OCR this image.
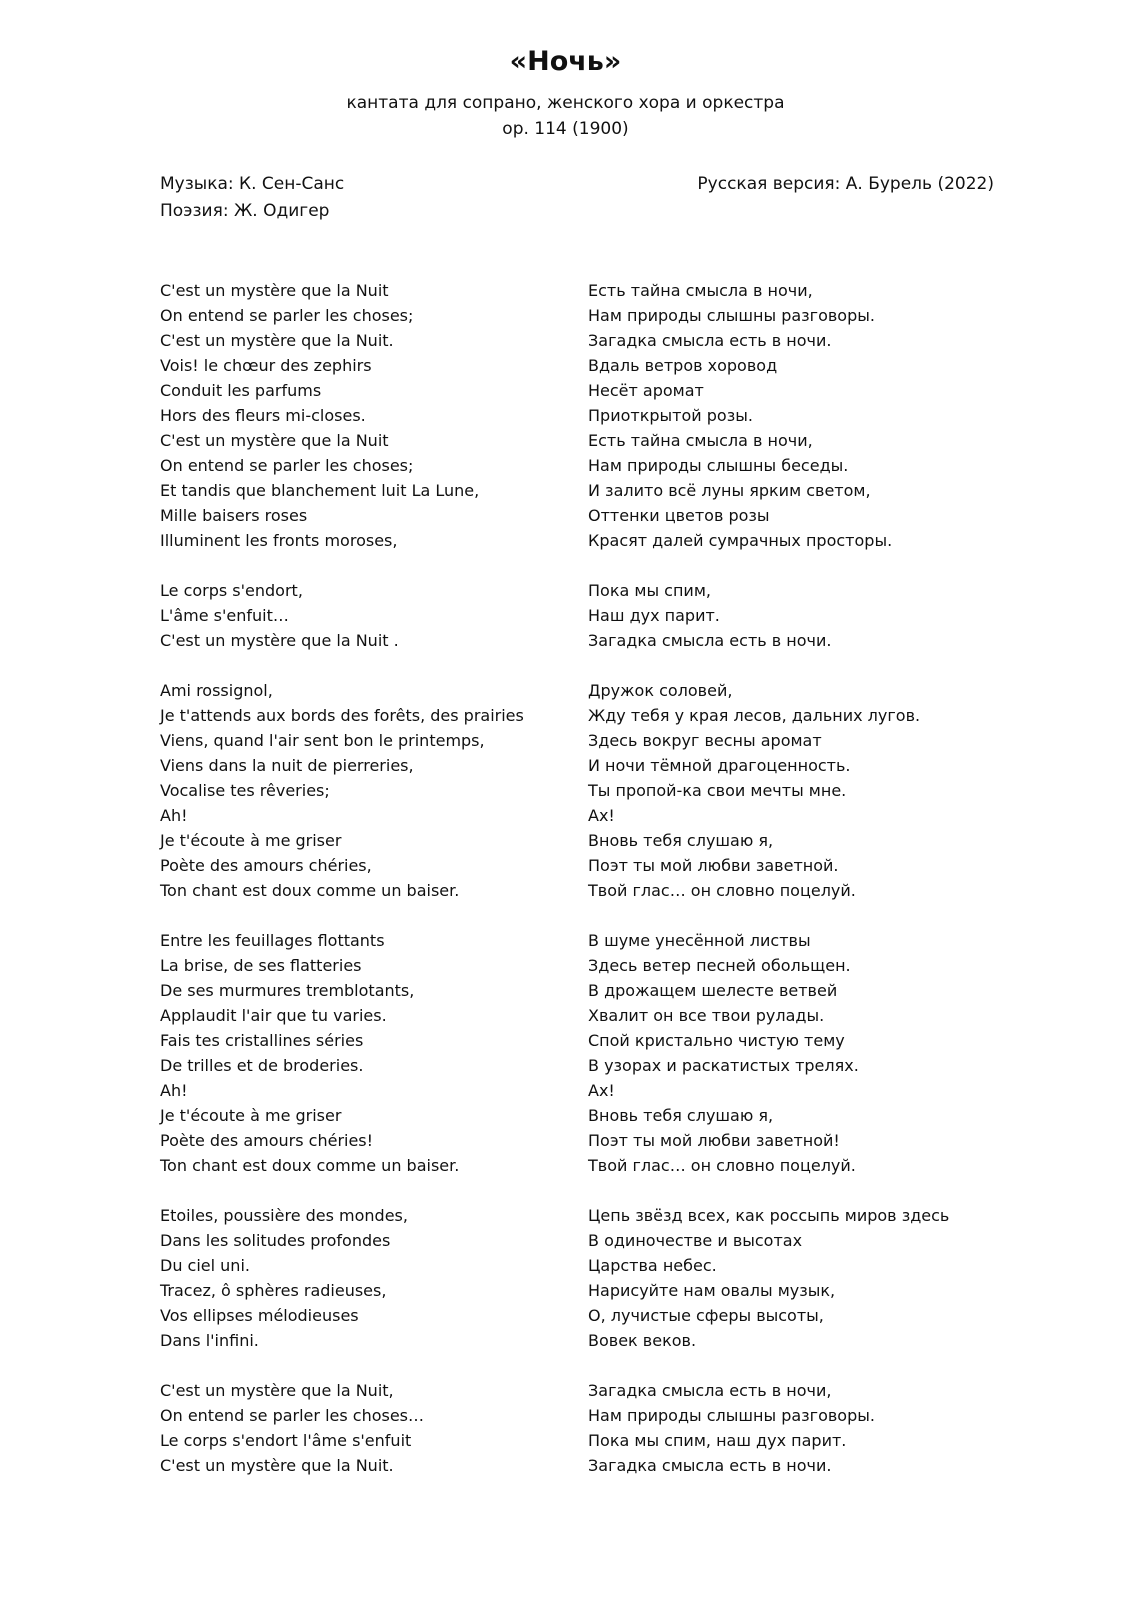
«Ночь»

кантата для сопрано, женского хора и оркестра

op. 114 (1900)

Музыка: К. Сен-Санс

Поэзия: Ж. Одигер

Русская версия: А. Бурель (2022)

C'est un mystère que la Nuit
On entend se parler les choses;
C'est un mystère que la Nuit.
Vois! le chœur des zephirs
Conduit les parfums
Hors des fleurs mi-closes.
C'est un mystère que la Nuit
On entend se parler les choses;
Et tandis que blanchement luit La Lune,
Mille baisers roses
Illuminent les fronts moroses,
Le corps s'endort,
L'âme s'enfuit…
C'est un mystère que la Nuit .
Ami rossignol,
Je t'attends aux bords des forêts, des prairies
Viens, quand l'air sent bon le printemps,
Viens dans la nuit de pierreries,
Vocalise tes rêveries;
Ah!
Je t'écoute à me griser
Poète des amours chéries,
Ton chant est doux comme un baiser.
Entre les feuillages flottants
La brise, de ses flatteries
De ses murmures tremblotants,
Applaudit l'air que tu varies.
Fais tes cristallines séries
De trilles et de broderies.
Ah!
Je t'écoute à me griser
Poète des amours chéries!
Ton chant est doux comme un baiser.
Etoiles, poussière des mondes,
Dans les solitudes profondes
Du ciel uni.
Tracez, ô sphères radieuses,
Vos ellipses mélodieuses
Dans l'infini.
C'est un mystère que la Nuit,
On entend se parler les choses…
Le corps s'endort l'âme s'enfuit
C'est un mystère que la Nuit.
Есть тайна смысла в ночи,
Нам природы слышны разговоры.
Загадка смысла есть в ночи.
Вдаль ветров хоровод
Несёт аромат
Приоткрытой розы.
Есть тайна смысла в ночи,
Нам природы слышны беседы.
И залито всё луны ярким светом,
Оттенки цветов розы
Красят далей сумрачных просторы.
Пока мы спим,
Наш дух парит.
Загадка смысла есть в ночи.
Дружок соловей,
Жду тебя у края лесов, дальних лугов.
Здесь вокруг весны аромат
И ночи тёмной драгоценность.
Ты пропой-ка свои мечты мне.
Ах!
Вновь тебя слушаю я,
Поэт ты мой любви заветной.
Твой глас… он словно поцелуй.
В шуме унесённой листвы
Здесь ветер песней обольщен.
В дрожащем шелесте ветвей
Хвалит он все твои рулады.
Спой кристально чистую тему
В узорах и раскатистых трелях.
Ах!
Вновь тебя слушаю я,
Поэт ты мой любви заветной!
Твой глас… он словно поцелуй.
Цепь звёзд всех, как россыпь миров здесь
В одиночестве и высотах
Царства небес.
Нарисуйте нам овалы музык,
О, лучистые сферы высоты,
Вовек веков.
Загадка смысла есть в ночи,
Нам природы слышны разговоры.
Пока мы спим, наш дух парит.
Загадка смысла есть в ночи.
